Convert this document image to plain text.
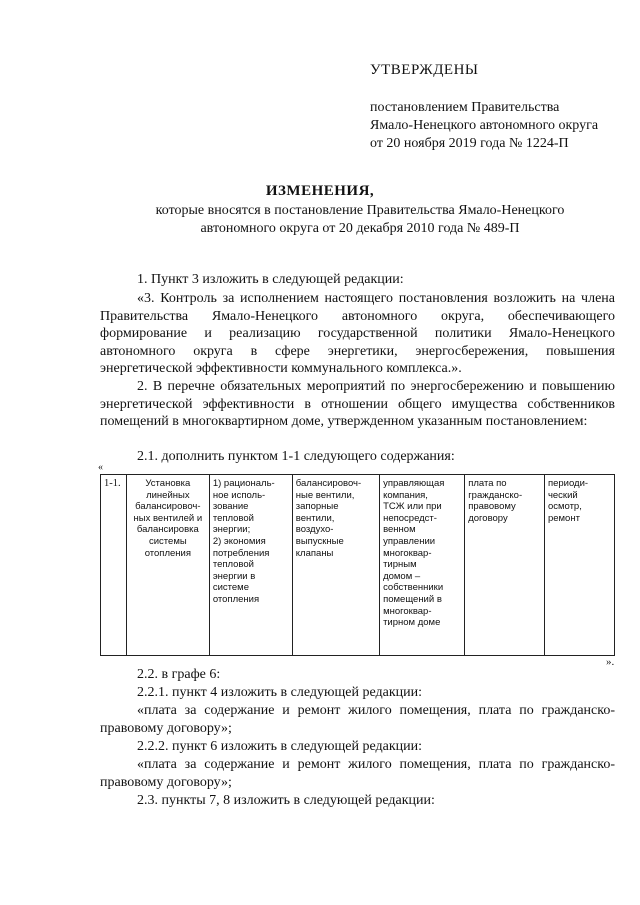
УТВЕРЖДЕНЫ
постановлением Правительства
Ямало-Ненецкого автономного округа
от 20 ноября 2019 года № 1224-П
ИЗМЕНЕНИЯ,
которые вносятся в постановление Правительства Ямало-Ненецкого
автономного округа от 20 декабря 2010 года № 489-П
1. Пункт 3 изложить в следующей редакции:
«3. Контроль за исполнением настоящего постановления возложить на члена Правительства Ямало-Ненецкого автономного округа, обеспечивающего формирование и реализацию государственной политики Ямало-Ненецкого автономного округа в сфере энергетики, энергосбережения, повышения энергетической эффективности коммунального комплекса.».
2. В перечне обязательных мероприятий по энергосбережению и повышению энергетической эффективности в отношении общего имущества собственников помещений в многоквартирном доме, утвержденном указанным постановлением:
2.1. дополнить пунктом 1-1 следующего содержания:
«
1-1.	Установка
линейных
балансировоч-
ных вентилей и
балансировка
системы
отопления

1) рациональ-
ное исполь-
зование
тепловой
энергии;
2) экономия
потребления
тепловой
энергии в
системе
отопления

балансировоч-
ные вентили,
запорные
вентили,
воздухо-
выпускные
клапаны

управляющая
компания,
ТСЖ или при
непосредст-
венном
управлении
многоквар-
тирным
домом –
собственники
помещений в
многоквар-
тирном доме

плата по
гражданско-
правовому
договору

периоди-
ческий
осмотр,
ремонт
».
2.2. в графе 6:
2.2.1. пункт 4 изложить в следующей редакции:
«плата за содержание и ремонт жилого помещения, плата по гражданско-правовому договору»;
2.2.2. пункт 6 изложить в следующей редакции:
«плата за содержание и ремонт жилого помещения, плата по гражданско-правовому договору»;
2.3. пункты 7, 8 изложить в следующей редакции:
